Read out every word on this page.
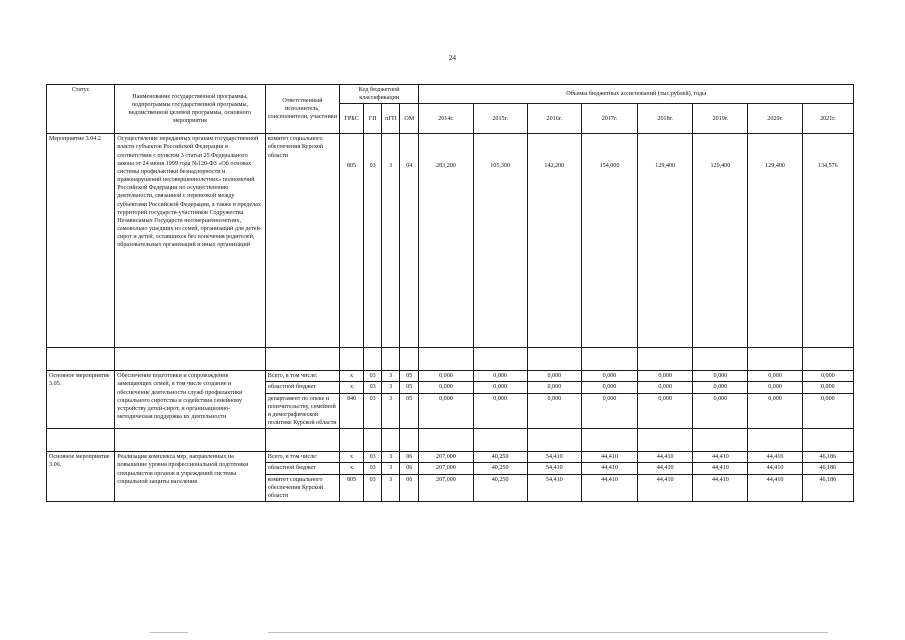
24
Статус	Наименование государственной программы, подпрограммы государственной программы, ведомственной целевой программы, основного мероприятия	Ответственный исполнитель, соисполнители, участники	Код бюджетной классификации				Объемы бюджетных ассигнований (тыс.рублей), годы							
			ГРБС	ГП	пГП	ОМ	2014г.	2015г.	2016г.	2017г.	2018г.	2019г.	2020г.	2021г.
Мероприятие 3.04.2	Осуществление переданных органам государственной власти субъектов Российской Федерации в соответствии с пунктом 3 статьи 25 Федерального закона от 24 июня 1999 года №120-ФЗ «Об основах системы профилактики безнадзорности и правонарушений несовершеннолетних» полномочий Российской Федерации по осуществлению деятельности, связанной с перевозкой между субъектами Российской Федерации, а также в пределах территорий государств-участников Содружества Независимых Государств несовершеннолетних, самовольно ушедших из семей, организаций для детей-сирот и детей, оставшихся без попечения родителей, образовательных организаций и иных организаций	комитет социального обеспечения Курской области	805	03	3	04	283,200	105,300	142,200	154,000	129,400	129,400	129,400	134,576

Основное мероприятие 3.05.	Обеспечение подготовки и сопровождения замещающих семей, в том числе создание и обеспечение деятельности служб профилактики социального сиротства и содействия семейному устройству детей-сирот, и организационно-методическая поддержка их деятельности	Всего, в том числе:	х	03	3	05	0,000	0,000	0,000	0,000	0,000	0,000	0,000	0,000
		областной бюджет	х	03	3	05	0,000	0,000	0,000	0,000	0,000	0,000	0,000	0,000
		департамент по опеке и попечительству, семейной и демографической политике Курской области	840	03	3	05	0,000	0,000	0,000	0,000	0,000	0,000	0,000	0,000

Основное мероприятие 3.06.	Реализация комплекса мер, направленных на повышение уровня профессиональной подготовки специалистов органов и учреждений системы социальной защиты населения	Всего, в том числе:	х	03	3	06	207,000	40,250	54,410	44,410	44,410	44,410	44,410	46,186
		областной бюджет	х	03	3	06	207,000	40,250	54,410	44,410	44,410	44,410	44,410	46,186
		комитет социального обеспечения Курской области	805	03	3	06	207,000	40,250	54,410	44,410	44,410	44,410	44,410	46,186
